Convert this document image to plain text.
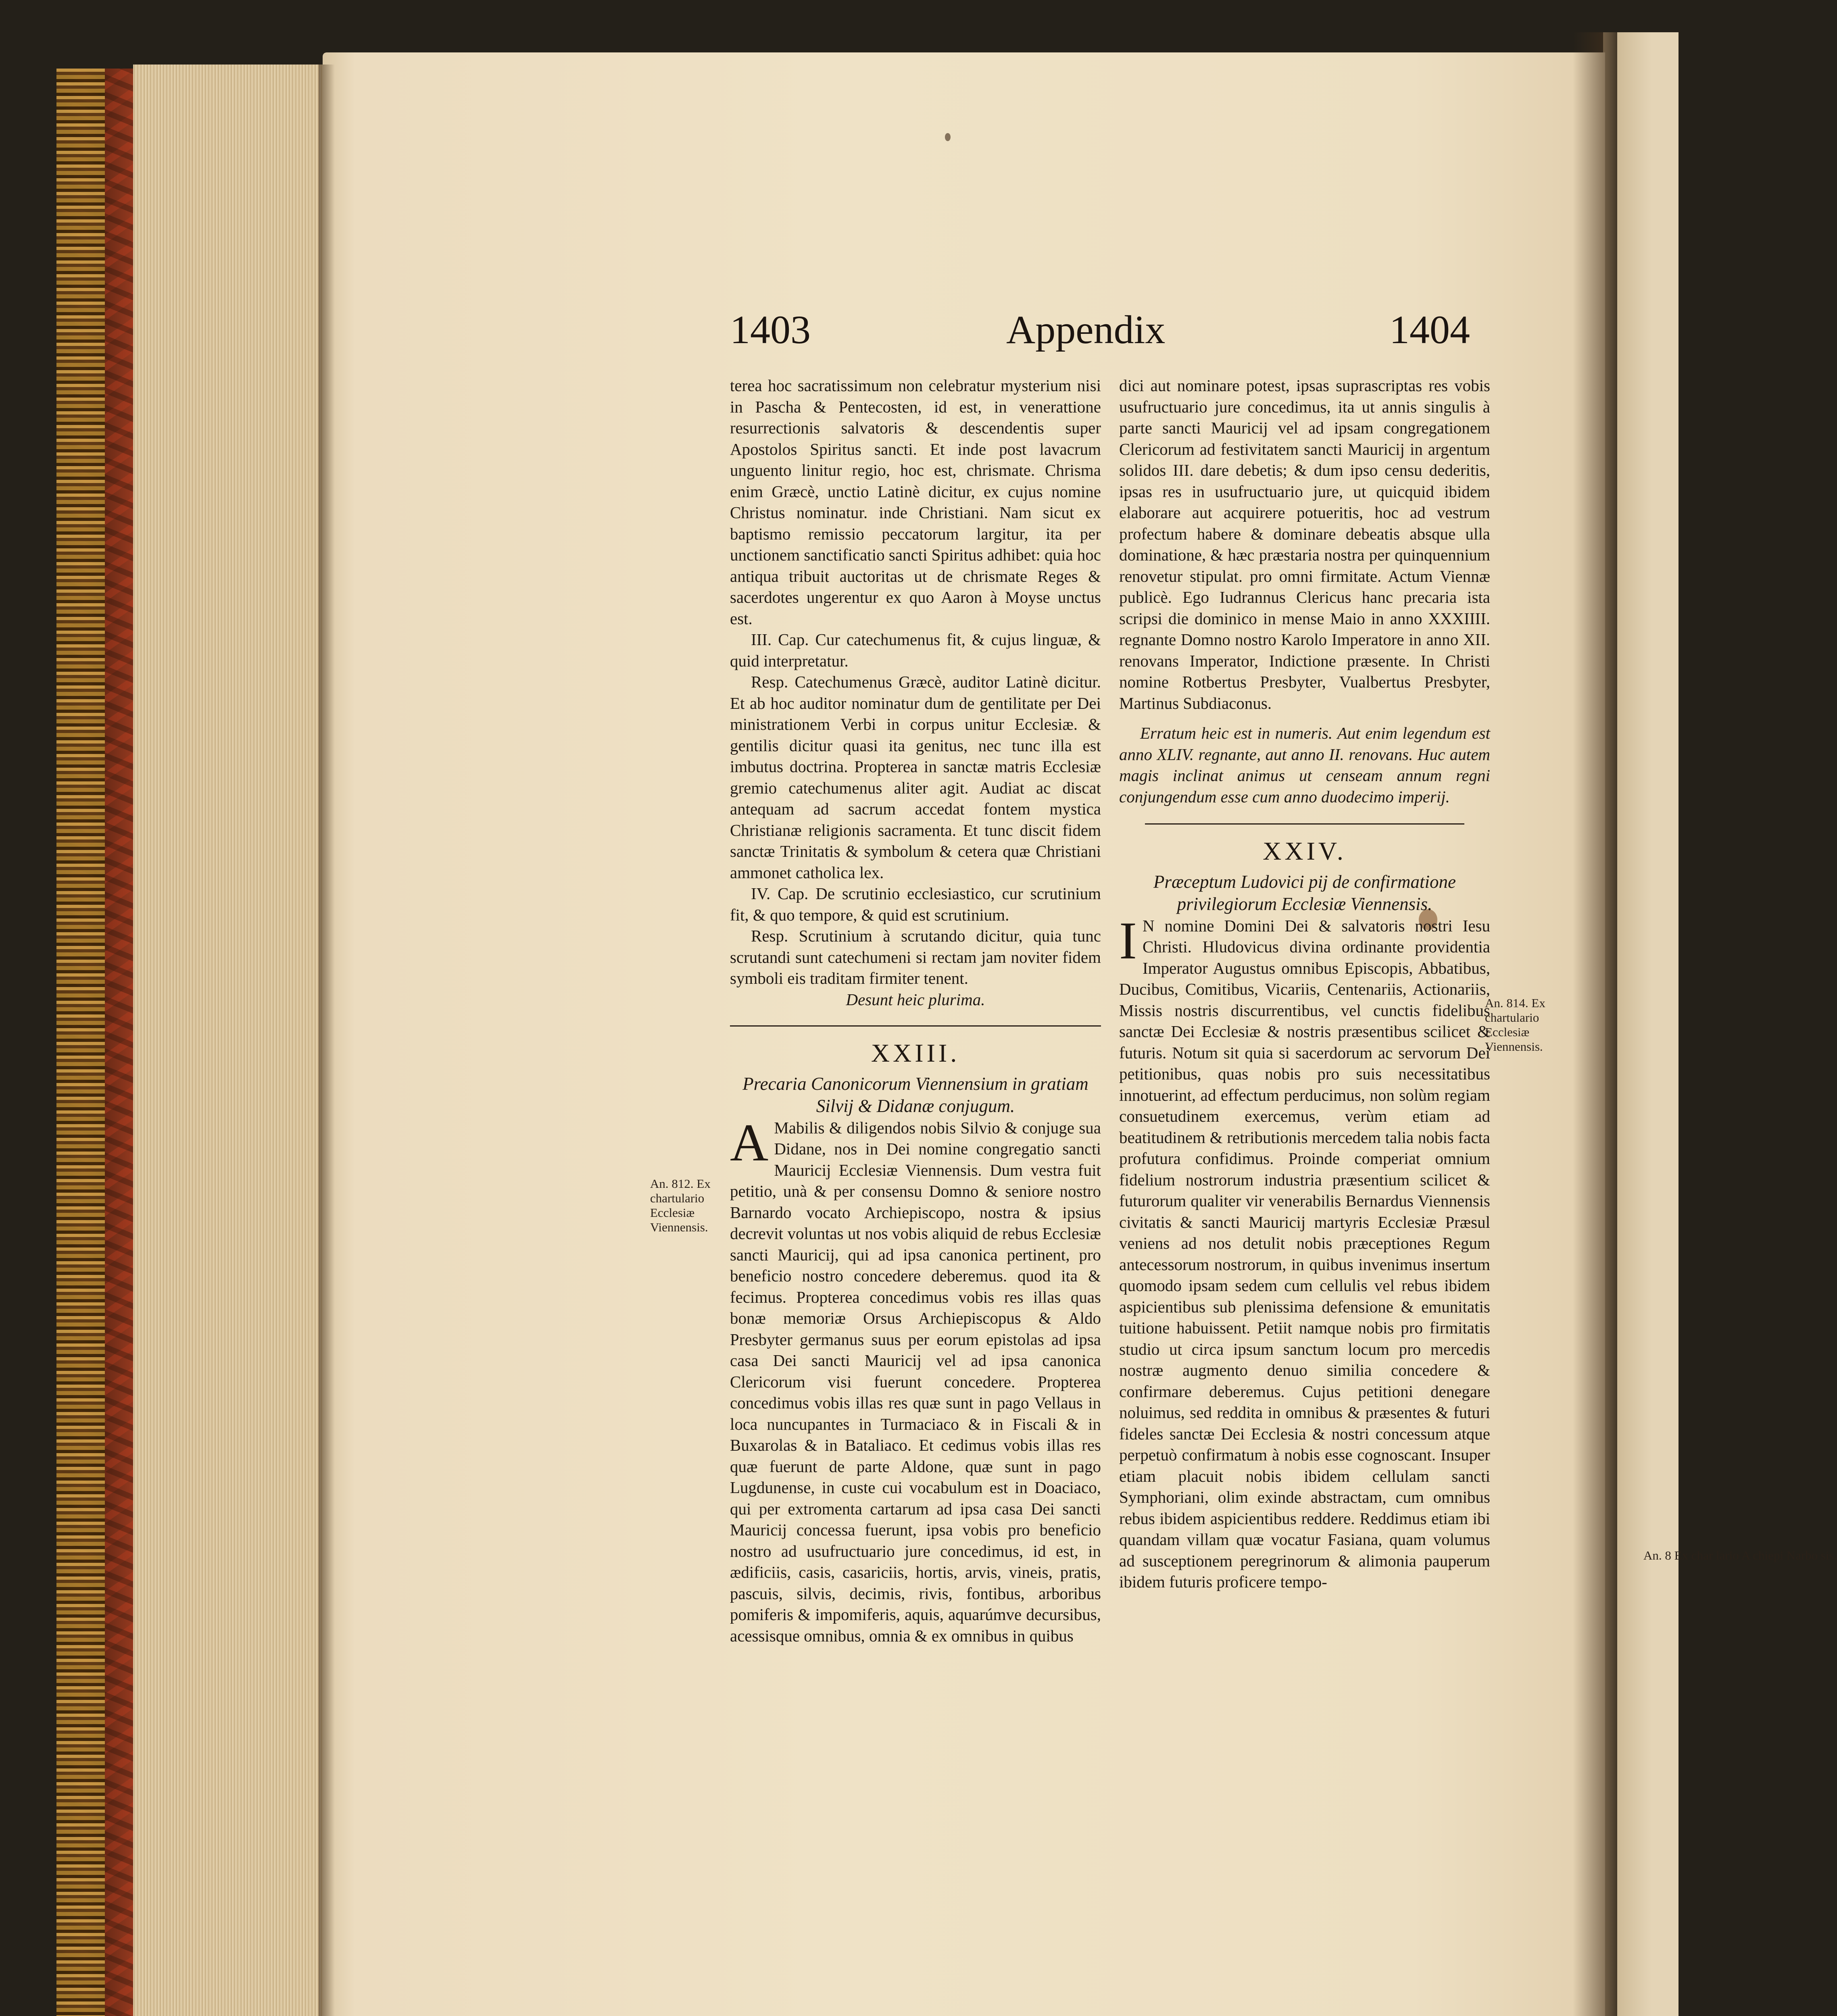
1403	Appendix	1404

terea hoc sacratissimum non celebratur mysterium nisi in Pascha & Pentecosten, id est, in venerattione resurrectionis salvatoris & descendentis super Apostolos Spiritus sancti. Et inde post lavacrum unguento linitur regio, hoc est, chrismate. Chrisma enim Græcè, unctio Latinè dicitur, ex cujus nomine Christus nominatur. inde Christiani. Nam sicut ex baptismo remissio peccatorum largitur, ita per unctionem sanctificatio sancti Spiritus adhibet: quia hoc antiqua tribuit auctoritas ut de chrismate Reges & sacerdotes ungerentur ex quo Aaron à Moyse unctus est.

III. Cap. Cur catechumenus fit, & cujus linguæ, & quid interpretatur.

Resp. Catechumenus Græcè, auditor Latinè dicitur. Et ab hoc auditor nominatur dum de gentilitate per Dei ministrationem Verbi in corpus unitur Ecclesiæ. & gentilis dicitur quasi ita genitus, nec tunc illa est imbutus doctrina. Propterea in sanctæ matris Ecclesiæ gremio catechumenus aliter agit. Audiat ac discat antequam ad sacrum accedat fontem mystica Christianæ religionis sacramenta. Et tunc discit fidem sanctæ Trinitatis & symbolum & cetera quæ Christiani ammonet catholica lex.

IV. Cap. De scrutinio ecclesiastico, cur scrutinium fit, & quo tempore, & quid est scrutinium.

Resp. Scrutinium à scrutando dicitur, quia tunc scrutandi sunt catechumeni si rectam jam noviter fidem symboli eis traditam firmiter tenent.

Desunt heic plurima.

XXIII.

Precaria Canonicorum Viennensium in gratiam Silvij & Didanæ conjugum.

A Mabilis & diligendos nobis Silvio & conjuge sua Didane, nos in Dei nomine congregatio sancti Mauricij Ecclesiæ Viennensis. Dum vestra fuit petitio, unà & per consensu Domno & seniore nostro Barnardo vocato Archiepiscopo, nostra & ipsius decrevit voluntas ut nos vobis aliquid de rebus Ecclesiæ sancti Mauricij, qui ad ipsa canonica pertinent, pro beneficio nostro concedere deberemus. quod ita & fecimus. Propterea concedimus vobis res illas quas bonæ memoriæ Orsus Archiepiscopus & Aldo Presbyter germanus suus per eorum epistolas ad ipsa casa Dei sancti Mauricij vel ad ipsa canonica Clericorum visi fuerunt concedere. Propterea concedimus vobis illas res quæ sunt in pago Vellaus in loca nuncupantes in Turmaciaco & in Fiscali & in Buxarolas & in Bataliaco. Et cedimus vobis illas res quæ fuerunt de parte Aldone, quæ sunt in pago Lugdunense, in custe cui vocabulum est in Doaciaco, qui per extromenta cartarum ad ipsa casa Dei sancti Mauricij concessa fuerunt, ipsa vobis pro beneficio nostro ad usufructuario jure concedimus, id est, in ædificiis, casis, casariciis, hortis, arvis, vineis, pratis, pascuis, silvis, decimis, rivis, fontibus, arboribus pomiferis & impomiferis, aquis, aquarúmve decursibus, acessisque omnibus, omnia & ex omnibus in quibus

dici aut nominare potest, ipsas suprascriptas res vobis usufructuario jure concedimus, ita ut annis singulis à parte sancti Mauricij vel ad ipsam congregationem Clericorum ad festivitatem sancti Mauricij in argentum solidos III. dare debetis; & dum ipso censu dederitis, ipsas res in usufructuario jure, ut quicquid ibidem elaborare aut acquirere potueritis, hoc ad vestrum profectum habere & dominare debeatis absque ulla dominatione, & hæc præstaria nostra per quinquennium renovetur stipulat. pro omni firmitate. Actum Viennæ publicè. Ego Iudrannus Clericus hanc precaria ista scripsi die dominico in mense Maio in anno XXXIIII. regnante Domno nostro Karolo Imperatore in anno XII. renovans Imperator, Indictione præsente. In Christi nomine Rotbertus Presbyter, Vualbertus Presbyter, Martinus Subdiaconus.

Erratum heic est in numeris. Aut enim legendum est anno XLIV. regnante, aut anno II. renovans. Huc autem magis inclinat animus ut censeam annum regni conjungendum esse cum anno duodecimo imperij.

XXIV.

Præceptum Ludovici pij de confirmatione privilegiorum Ecclesiæ Viennensis.

I N nomine Domini Dei & salvatoris nostri Iesu Christi. Hludovicus divina ordinante providentia Imperator Augustus omnibus Episcopis, Abbatibus, Ducibus, Comitibus, Vicariis, Centenariis, Actionariis, Missis nostris discurrentibus, vel cunctis fidelibus sanctæ Dei Ecclesiæ & nostris præsentibus scilicet & futuris. Notum sit quia si sacerdorum ac servorum Dei petitionibus, quas nobis pro suis necessitatibus innotuerint, ad effectum perducimus, non solùm regiam consuetudinem exercemus, verùm etiam ad beatitudinem & retributionis mercedem talia nobis facta profutura confidimus. Proinde comperiat omnium fidelium nostrorum industria præsentium scilicet & futurorum qualiter vir venerabilis Bernardus Viennensis civitatis & sancti Mauricij martyris Ecclesiæ Præsul veniens ad nos detulit nobis præceptiones Regum antecessorum nostrorum, in quibus invenimus insertum quomodo ipsam sedem cum cellulis vel rebus ibidem aspicientibus sub plenissima defensione & emunitatis tuitione habuissent. Petiit namque nobis pro firmitatis studio ut circa ipsum sanctum locum pro mercedis nostræ augmento denuo similia concedere & confirmare deberemus. Cujus petitioni denegare noluimus, sed reddita in omnibus & præsentes & futuri fideles sanctæ Dei Ecclesia & nostri concessum atque perpetuò confirmatum à nobis esse cognoscant. Insuper etiam placuit nobis ibidem cellulam sancti Symphoriani, olim exinde abstractam, cum omnibus rebus ibidem aspicientibus reddere. Reddimus etiam ibi quandam villam quæ vocatur Fasiana, quam volumus ad susceptionem peregrinorum & alimonia pauperum ibidem futuris proficere tempo-

An. 812. Ex chartulario Ecclesiæ Viennensis.
An. 814. Ex chartulario Ecclesiæ Viennensis.
An. 8 Ex char lario A chiepi Narbo sis.
